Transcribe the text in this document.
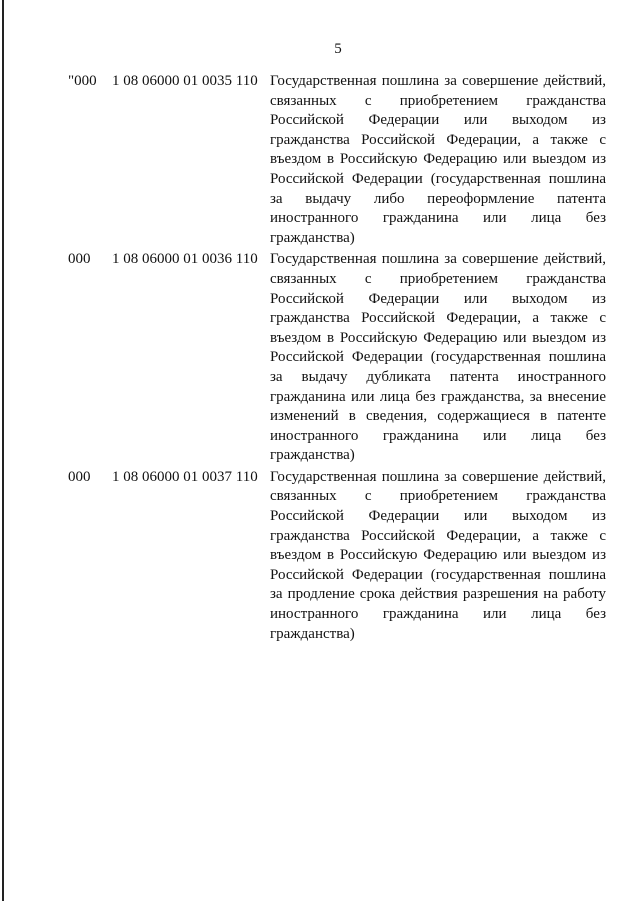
5
"000 1 08 06000 01 0035 110 Государственная пошлина за совершение действий, связанных с приобретением гражданства Российской Федерации или выходом из гражданства Российской Федерации, а также с въездом в Российскую Федерацию или выездом из Российской Федерации (государственная пошлина за выдачу либо переоформление патента иностранного гражданина или лица без гражданства)
000 1 08 06000 01 0036 110 Государственная пошлина за совершение действий, связанных с приобретением гражданства Российской Федерации или выходом из гражданства Российской Федерации, а также с въездом в Российскую Федерацию или выездом из Российской Федерации (государственная пошлина за выдачу дубликата патента иностранного гражданина или лица без гражданства, за внесение изменений в сведения, содержащиеся в патенте иностранного гражданина или лица без гражданства)
000 1 08 06000 01 0037 110 Государственная пошлина за совершение действий, связанных с приобретением гражданства Российской Федерации или выходом из гражданства Российской Федерации, а также с въездом в Российскую Федерацию или выездом из Российской Федерации (государственная пошлина за продление срока действия разрешения на работу иностранного гражданина или лица без гражданства)
